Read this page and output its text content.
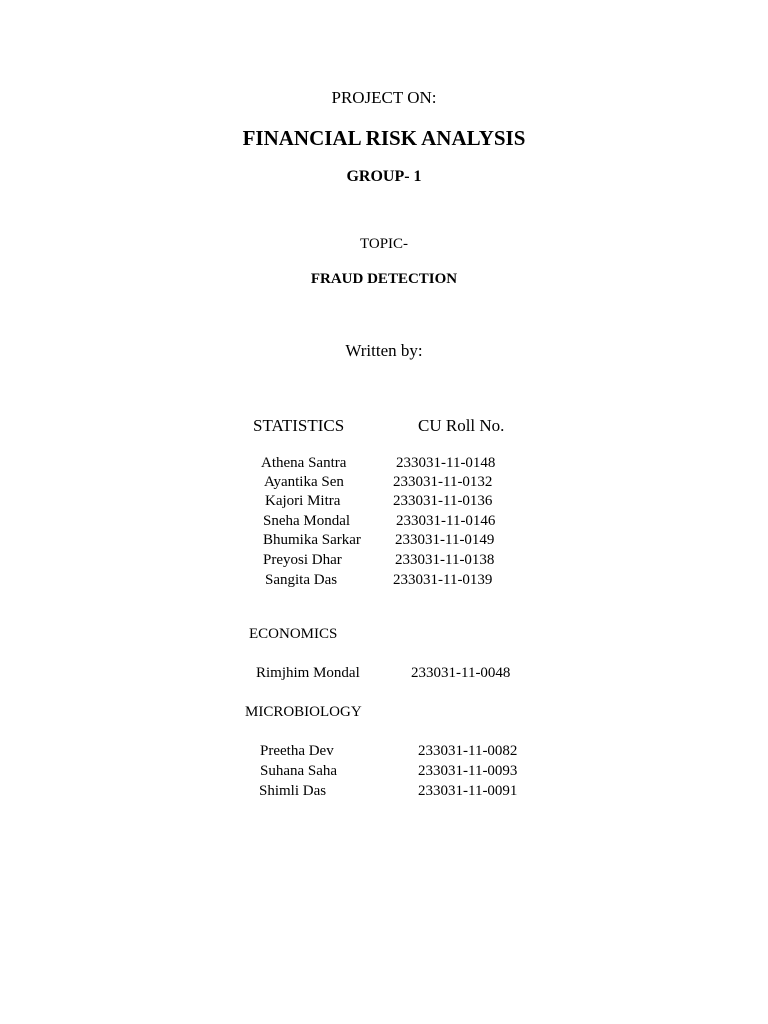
PROJECT ON:
FINANCIAL RISK ANALYSIS
GROUP- 1
TOPIC-
FRAUD DETECTION
Written by:
STATISTICS	CU Roll No.
Athena Santra	233031-11-0148
Ayantika Sen	233031-11-0132
Kajori Mitra	233031-11-0136
Sneha Mondal	233031-11-0146
Bhumika Sarkar 233031-11-0149
Preyosi Dhar	233031-11-0138
Sangita Das	233031-11-0139
ECONOMICS
Rimjhim Mondal	233031-11-0048
MICROBIOLOGY
Preetha Dev	233031-11-0082
Suhana Saha	233031-11-0093
Shimli Das	233031-11-0091
